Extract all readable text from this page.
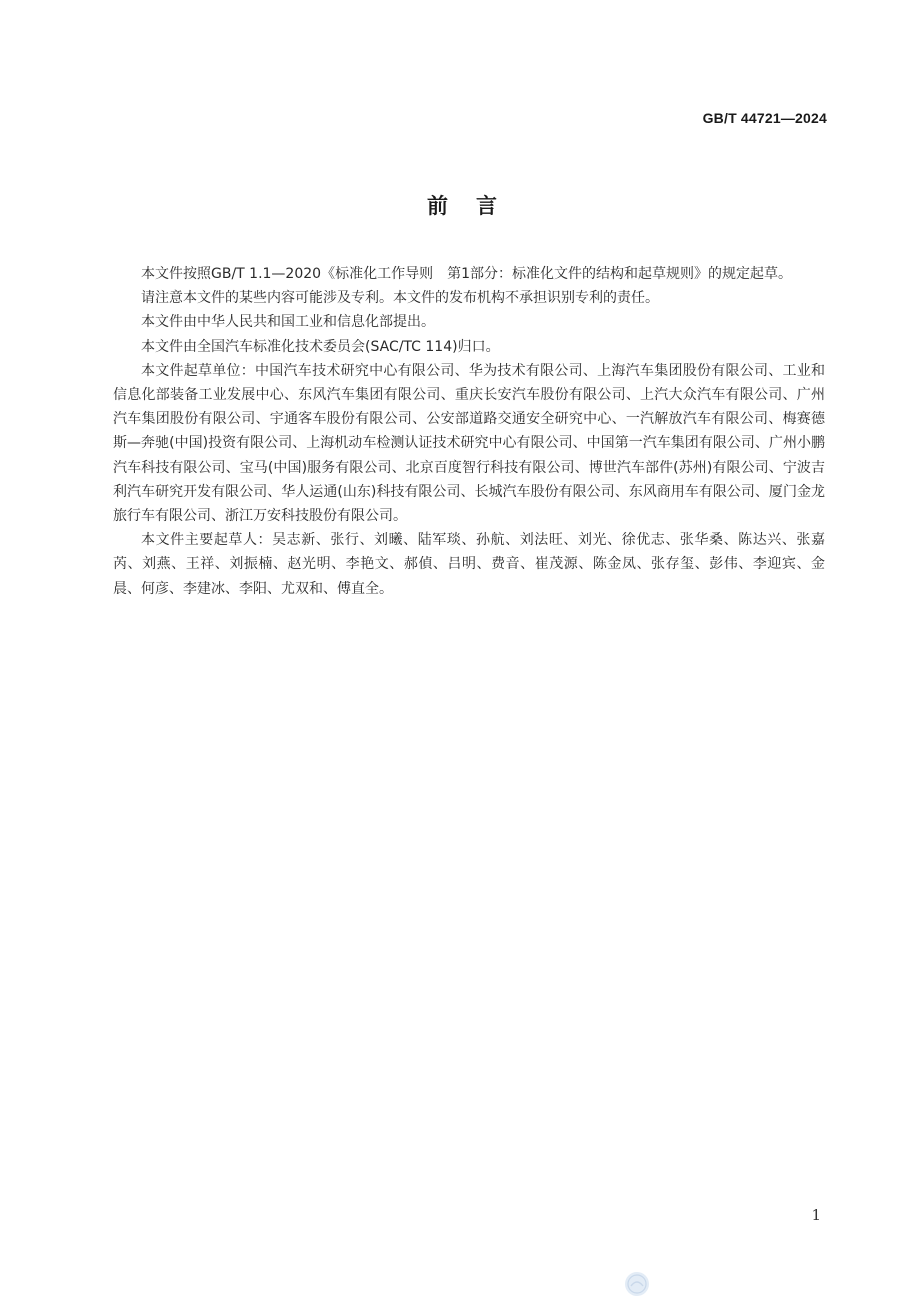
GB/T 44721—2024
前言

本文件按照GB/T 1.1—2020《标准化工作导则　第1部分：标准化文件的结构和起草规则》的规定起草。

请注意本文件的某些内容可能涉及专利。本文件的发布机构不承担识别专利的责任。

本文件由中华人民共和国工业和信息化部提出。

本文件由全国汽车标准化技术委员会(SAC/TC 114)归口。

本文件起草单位：中国汽车技术研究中心有限公司、华为技术有限公司、上海汽车集团股份有限公司、工业和信息化部装备工业发展中心、东风汽车集团有限公司、重庆长安汽车股份有限公司、上汽大众汽车有限公司、广州汽车集团股份有限公司、宇通客车股份有限公司、公安部道路交通安全研究中心、一汽解放汽车有限公司、梅赛德斯—奔驰(中国)投资有限公司、上海机动车检测认证技术研究中心有限公司、中国第一汽车集团有限公司、广州小鹏汽车科技有限公司、宝马(中国)服务有限公司、北京百度智行科技有限公司、博世汽车部件(苏州)有限公司、宁波吉利汽车研究开发有限公司、华人运通(山东)科技有限公司、长城汽车股份有限公司、东风商用车有限公司、厦门金龙旅行车有限公司、浙江万安科技股份有限公司。

本文件主要起草人：吴志新、张行、刘曦、陆军琰、孙航、刘法旺、刘光、徐优志、张华桑、陈达兴、张嘉芮、刘燕、王祥、刘振楠、赵光明、李艳文、郝偵、吕明、费音、崔茂源、陈金凤、张存玺、彭伟、李迎宾、金晨、何彦、李建冰、李阳、尤双和、傅直全。

1
